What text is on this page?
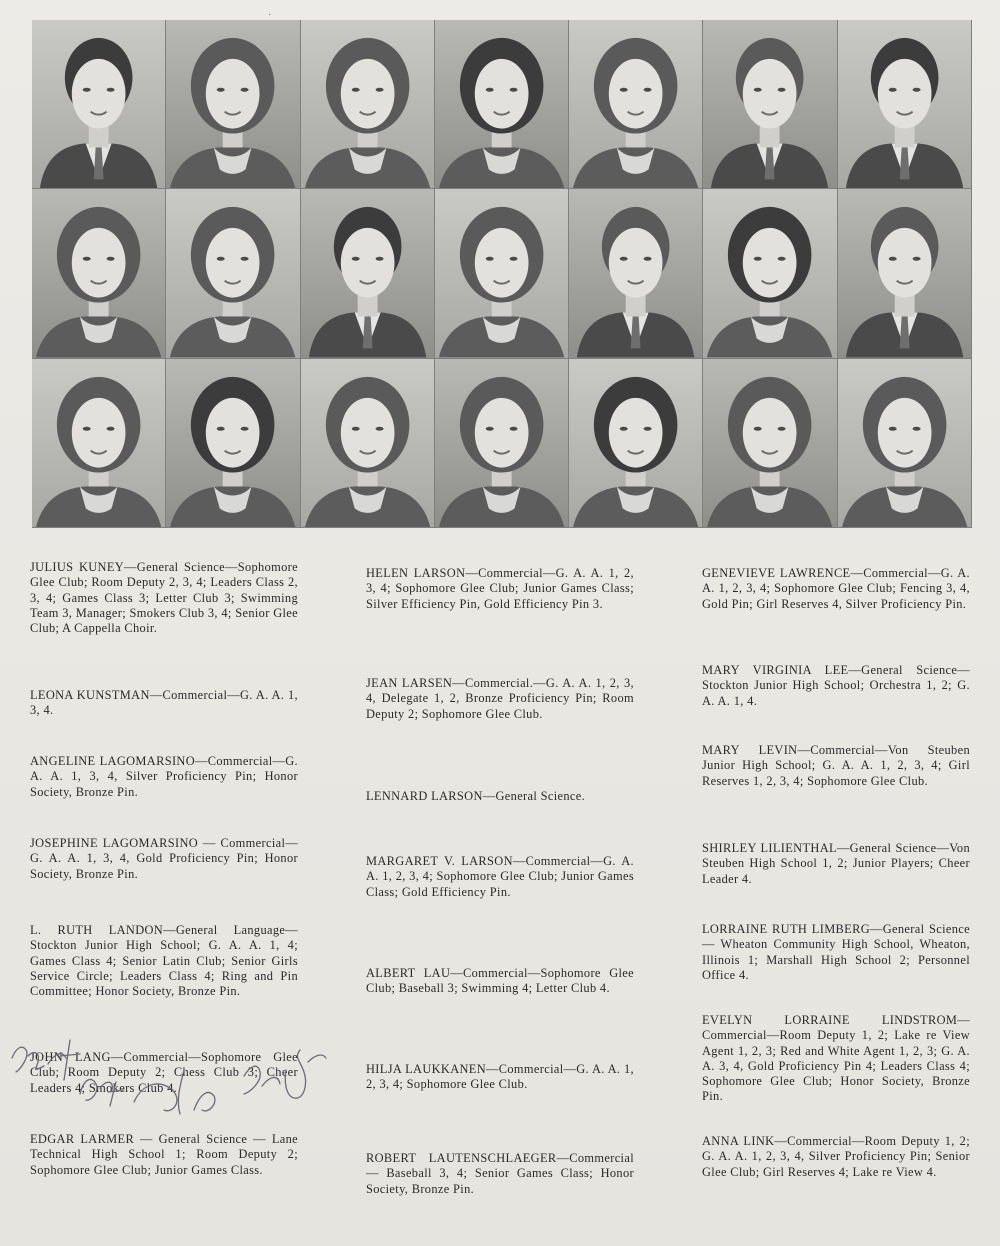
JULIUS KUNEY—General Science—Sophomore Glee Club; Room Deputy 2, 3, 4; Leaders Class 2, 3, 4; Games Class 3; Letter Club 3; Swimming Team 3, Manager; Smokers Club 3, 4; Senior Glee Club; A Cappella Choir.
LEONA KUNSTMAN—Commercial—G. A. A. 1, 3, 4.
ANGELINE LAGOMARSINO—Commercial—G. A. A. 1, 3, 4, Silver Proficiency Pin; Honor Society, Bronze Pin.
JOSEPHINE LAGOMARSINO — Commercial—G. A. A. 1, 3, 4, Gold Proficiency Pin; Honor Society, Bronze Pin.
L. RUTH LANDON—General Language—Stockton Junior High School; G. A. A. 1, 4; Games Class 4; Senior Latin Club; Senior Girls Service Circle; Leaders Class 4; Ring and Pin Committee; Honor Society, Bronze Pin.
JOHN LANG—Commercial—Sophomore Glee Club; Room Deputy 2; Chess Club 3; Cheer Leaders 4; Smokers Club 4.
EDGAR LARMER — General Science — Lane Technical High School 1; Room Deputy 2; Sophomore Glee Club; Junior Games Class.
HELEN LARSON—Commercial—G. A. A. 1, 2, 3, 4; Sophomore Glee Club; Junior Games Class; Silver Efficiency Pin, Gold Efficiency Pin 3.
JEAN LARSEN—Commercial.—G. A. A. 1, 2, 3, 4, Delegate 1, 2, Bronze Proficiency Pin; Room Deputy 2; Sophomore Glee Club.
LENNARD LARSON—General Science.
MARGARET V. LARSON—Commercial—G. A. A. 1, 2, 3, 4; Sophomore Glee Club; Junior Games Class; Gold Efficiency Pin.
ALBERT LAU—Commercial—Sophomore Glee Club; Baseball 3; Swimming 4; Letter Club 4.
HILJA LAUKKANEN—Commercial—G. A. A. 1, 2, 3, 4; Sophomore Glee Club.
ROBERT LAUTENSCHLAEGER—Commercial — Baseball 3, 4; Senior Games Class; Honor Society, Bronze Pin.
GENEVIEVE LAWRENCE—Commercial—G. A. A. 1, 2, 3, 4; Sophomore Glee Club; Fencing 3, 4, Gold Pin; Girl Reserves 4, Silver Proficiency Pin.
MARY VIRGINIA LEE—General Science—Stockton Junior High School; Orchestra 1, 2; G. A. A. 1, 4.
MARY LEVIN—Commercial—Von Steuben Junior High School; G. A. A. 1, 2, 3, 4; Girl Reserves 1, 2, 3, 4; Sophomore Glee Club.
SHIRLEY LILIENTHAL—General Science—Von Steuben High School 1, 2; Junior Players; Cheer Leader 4.
LORRAINE RUTH LIMBERG—General Science — Wheaton Community High School, Wheaton, Illinois 1; Marshall High School 2; Personnel Office 4.
EVELYN LORRAINE LINDSTROM—Commercial—Room Deputy 1, 2; Lake re View Agent 1, 2, 3; Red and White Agent 1, 2, 3; G. A. A. 3, 4, Gold Proficiency Pin 4; Leaders Class 4; Sophomore Glee Club; Honor Society, Bronze Pin.
ANNA LINK—Commercial—Room Deputy 1, 2; G. A. A. 1, 2, 3, 4, Silver Proficiency Pin; Senior Glee Club; Girl Reserves 4; Lake re View 4.
·
